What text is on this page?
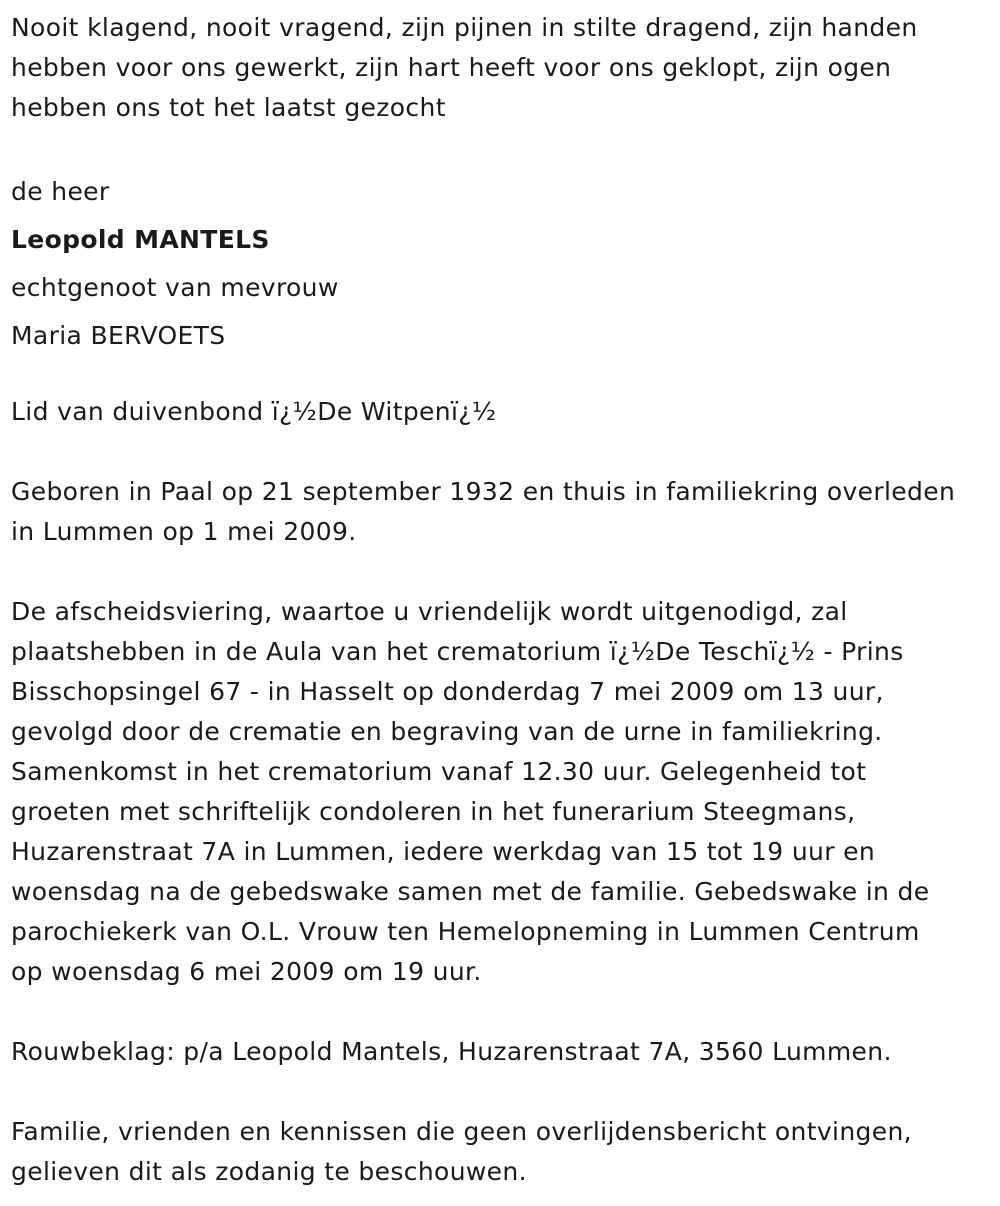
Nooit klagend, nooit vragend, zijn pijnen in stilte dragend, zijn handen
hebben voor ons gewerkt, zijn hart heeft voor ons geklopt, zijn ogen
hebben ons tot het laatst gezocht

de heer

Leopold MANTELS

echtgenoot van mevrouw

Maria BERVOETS

Lid van duivenbond ï¿½De Witpenï¿½

Geboren in Paal op 21 september 1932 en thuis in familiekring overleden
in Lummen op 1 mei 2009.

De afscheidsviering, waartoe u vriendelijk wordt uitgenodigd, zal
plaatshebben in de Aula van het crematorium ï¿½De Teschï¿½ - Prins
Bisschopsingel 67 - in Hasselt op donderdag 7 mei 2009 om 13 uur,
gevolgd door de crematie en begraving van de urne in familiekring.
Samenkomst in het crematorium vanaf 12.30 uur. Gelegenheid tot
groeten met schriftelijk condoleren in het funerarium Steegmans,
Huzarenstraat 7A in Lummen, iedere werkdag van 15 tot 19 uur en
woensdag na de gebedswake samen met de familie. Gebedswake in de
parochiekerk van O.L. Vrouw ten Hemelopneming in Lummen Centrum
op woensdag 6 mei 2009 om 19 uur.

Rouwbeklag: p/a Leopold Mantels, Huzarenstraat 7A, 3560 Lummen.

Familie, vrienden en kennissen die geen overlijdensbericht ontvingen,
gelieven dit als zodanig te beschouwen.
